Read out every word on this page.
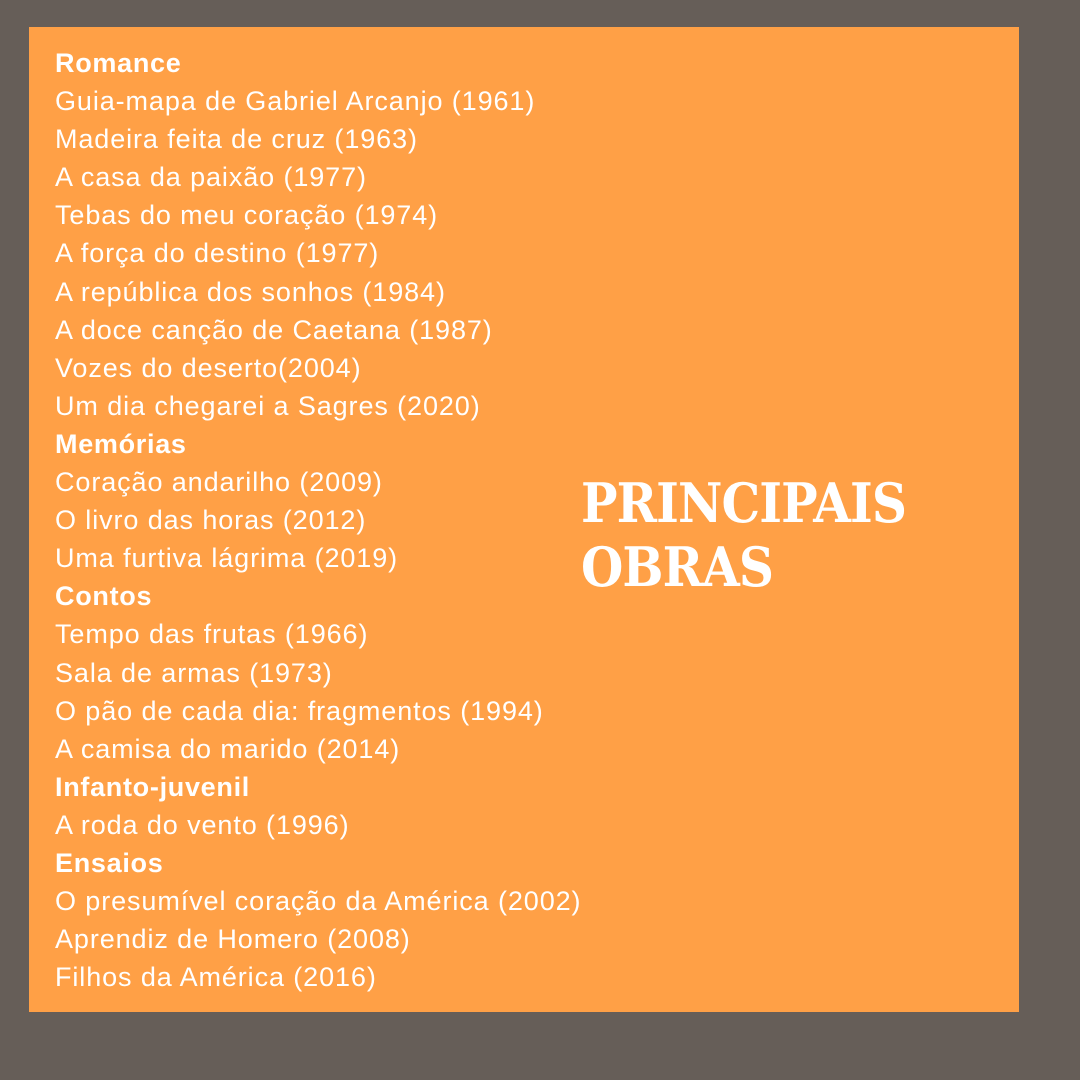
Romance
Guia-mapa de Gabriel Arcanjo (1961)
Madeira feita de cruz (1963)
A casa da paixão (1977)
Tebas do meu coração (1974)
A força do destino (1977)
A república dos sonhos (1984)
A doce canção de Caetana (1987)
Vozes do deserto(2004)
Um dia chegarei a Sagres (2020)
Memórias
Coração andarilho (2009)
O livro das horas (2012)
Uma furtiva lágrima (2019)
Contos
Tempo das frutas (1966)
Sala de armas (1973)
O pão de cada dia: fragmentos (1994)
A camisa do marido (2014)
Infanto-juvenil
A roda do vento (1996)
Ensaios
O presumível coração da América (2002)
Aprendiz de Homero (2008)
Filhos da América (2016)
PRINCIPAIS
OBRAS
